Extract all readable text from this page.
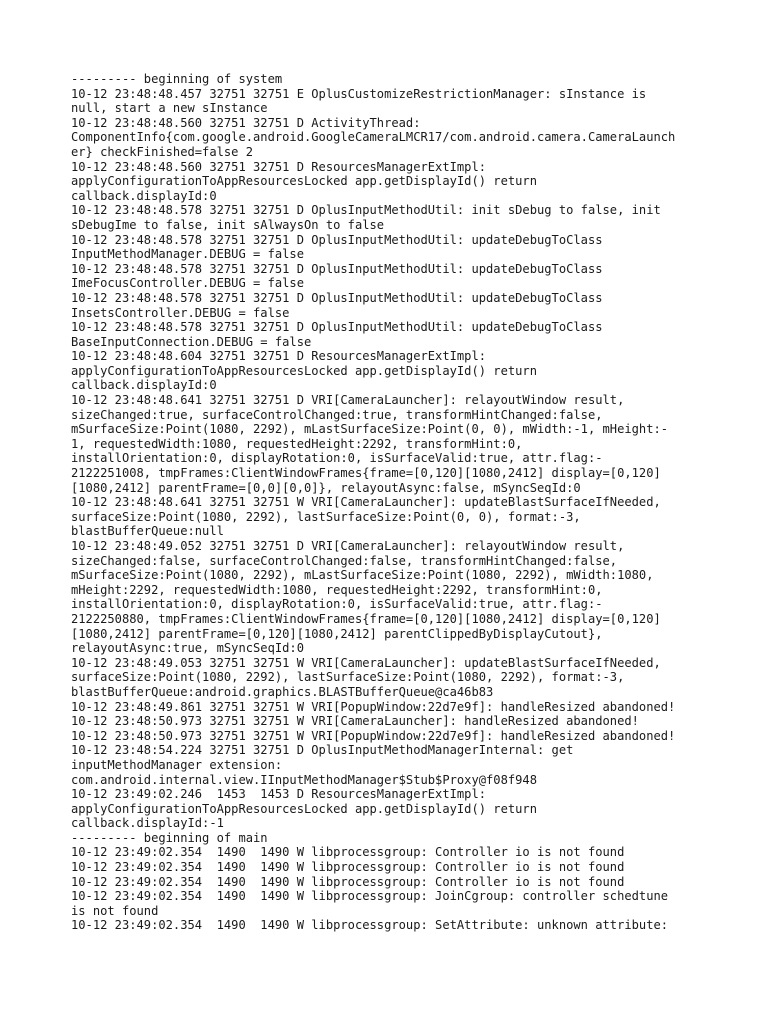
--------- beginning of system
10-12 23:48:48.457 32751 32751 E OplusCustomizeRestrictionManager: sInstance is
null, start a new sInstance
10-12 23:48:48.560 32751 32751 D ActivityThread:
ComponentInfo{com.google.android.GoogleCameraLMCR17/com.android.camera.CameraLaunch
er} checkFinished=false 2
10-12 23:48:48.560 32751 32751 D ResourcesManagerExtImpl:
applyConfigurationToAppResourcesLocked app.getDisplayId() return
callback.displayId:0
10-12 23:48:48.578 32751 32751 D OplusInputMethodUtil: init sDebug to false, init
sDebugIme to false, init sAlwaysOn to false
10-12 23:48:48.578 32751 32751 D OplusInputMethodUtil: updateDebugToClass
InputMethodManager.DEBUG = false
10-12 23:48:48.578 32751 32751 D OplusInputMethodUtil: updateDebugToClass
ImeFocusController.DEBUG = false
10-12 23:48:48.578 32751 32751 D OplusInputMethodUtil: updateDebugToClass
InsetsController.DEBUG = false
10-12 23:48:48.578 32751 32751 D OplusInputMethodUtil: updateDebugToClass
BaseInputConnection.DEBUG = false
10-12 23:48:48.604 32751 32751 D ResourcesManagerExtImpl:
applyConfigurationToAppResourcesLocked app.getDisplayId() return
callback.displayId:0
10-12 23:48:48.641 32751 32751 D VRI[CameraLauncher]: relayoutWindow result,
sizeChanged:true, surfaceControlChanged:true, transformHintChanged:false,
mSurfaceSize:Point(1080, 2292), mLastSurfaceSize:Point(0, 0), mWidth:-1, mHeight:-
1, requestedWidth:1080, requestedHeight:2292, transformHint:0,
installOrientation:0, displayRotation:0, isSurfaceValid:true, attr.flag:-
2122251008, tmpFrames:ClientWindowFrames{frame=[0,120][1080,2412] display=[0,120]
[1080,2412] parentFrame=[0,0][0,0]}, relayoutAsync:false, mSyncSeqId:0
10-12 23:48:48.641 32751 32751 W VRI[CameraLauncher]: updateBlastSurfaceIfNeeded,
surfaceSize:Point(1080, 2292), lastSurfaceSize:Point(0, 0), format:-3,
blastBufferQueue:null
10-12 23:48:49.052 32751 32751 D VRI[CameraLauncher]: relayoutWindow result,
sizeChanged:false, surfaceControlChanged:false, transformHintChanged:false,
mSurfaceSize:Point(1080, 2292), mLastSurfaceSize:Point(1080, 2292), mWidth:1080,
mHeight:2292, requestedWidth:1080, requestedHeight:2292, transformHint:0,
installOrientation:0, displayRotation:0, isSurfaceValid:true, attr.flag:-
2122250880, tmpFrames:ClientWindowFrames{frame=[0,120][1080,2412] display=[0,120]
[1080,2412] parentFrame=[0,120][1080,2412] parentClippedByDisplayCutout},
relayoutAsync:true, mSyncSeqId:0
10-12 23:48:49.053 32751 32751 W VRI[CameraLauncher]: updateBlastSurfaceIfNeeded,
surfaceSize:Point(1080, 2292), lastSurfaceSize:Point(1080, 2292), format:-3,
blastBufferQueue:android.graphics.BLASTBufferQueue@ca46b83
10-12 23:48:49.861 32751 32751 W VRI[PopupWindow:22d7e9f]: handleResized abandoned!
10-12 23:48:50.973 32751 32751 W VRI[CameraLauncher]: handleResized abandoned!
10-12 23:48:50.973 32751 32751 W VRI[PopupWindow:22d7e9f]: handleResized abandoned!
10-12 23:48:54.224 32751 32751 D OplusInputMethodManagerInternal: get
inputMethodManager extension:
com.android.internal.view.IInputMethodManager$Stub$Proxy@f08f948
10-12 23:49:02.246  1453  1453 D ResourcesManagerExtImpl:
applyConfigurationToAppResourcesLocked app.getDisplayId() return
callback.displayId:-1
--------- beginning of main
10-12 23:49:02.354  1490  1490 W libprocessgroup: Controller io is not found
10-12 23:49:02.354  1490  1490 W libprocessgroup: Controller io is not found
10-12 23:49:02.354  1490  1490 W libprocessgroup: Controller io is not found
10-12 23:49:02.354  1490  1490 W libprocessgroup: JoinCgroup: controller schedtune
is not found
10-12 23:49:02.354  1490  1490 W libprocessgroup: SetAttribute: unknown attribute:
